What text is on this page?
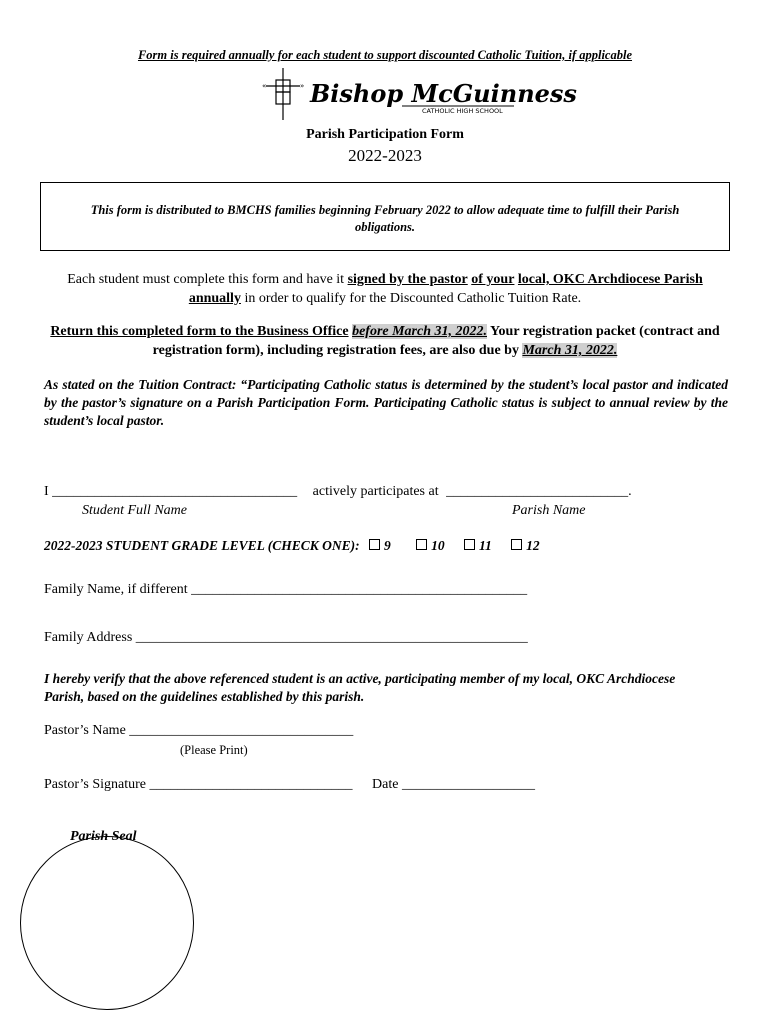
Form is required annually for each student to support discounted Catholic Tuition, if applicable
«	» Bishop McGuinness
CATHOLIC HIGH SCHOOL
Parish Participation Form
2022-2023
This form is distributed to BMCHS families beginning February 2022 to allow adequate time to fulfill their Parish obligations.
Each student must complete this form and have it signed by the pastor of your local, OKC Archdiocese Parish annually in order to qualify for the Discounted Catholic Tuition Rate.
Return this completed form to the Business Office before March 31, 2022. Your registration packet (contract and registration form), including registration fees, are also due by March 31, 2022.
As stated on the Tuition Contract: “Participating Catholic status is determined by the student’s local pastor and indicated by the pastor’s signature on a Parish Participation Form. Participating Catholic status is subject to annual review by the student’s local pastor.
I ___________________________________ actively participates at __________________________.
Student Full Name	Parish Name
2022-2023 STUDENT GRADE LEVEL (CHECK ONE): 9	10	11	12
Family Name, if different ________________________________________________
Family Address ________________________________________________________
I hereby verify that the above referenced student is an active, participating member of my local, OKC Archdiocese Parish, based on the guidelines established by this parish.
Pastor’s Name ________________________________
(Please Print)
Pastor’s Signature _____________________________ Date ___________________
Parish Seal
